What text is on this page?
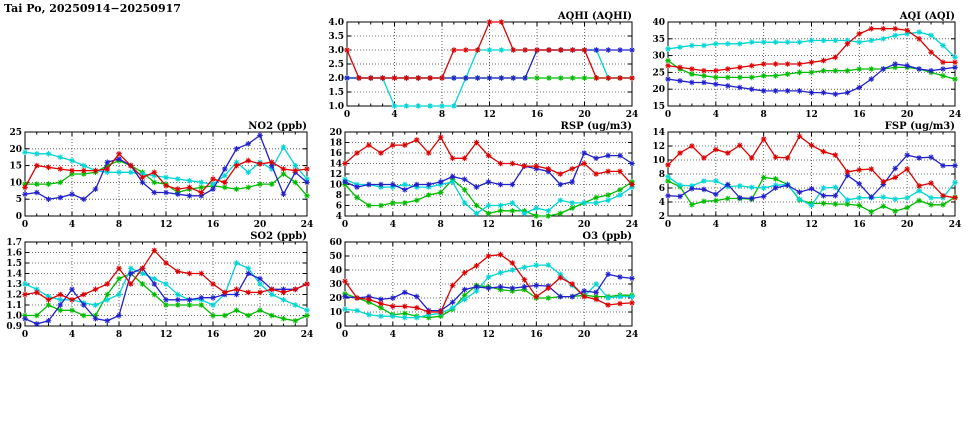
Tai Po, 20250914−20250917
AQHI (AQHI)
1.0
1.5
2.0
2.5
3.0
3.5
4.0
0	4	8	12	16	20	24
AQI (AQI)
15
20
25
30
35
40
0	4	8	12	16	20	24
NO2 (ppb)
0
5
10
15
20
25
0	4	8	12	16	20	24
RSP (ug/m3)
4
6
8
10
12
14
16
18
20
0	4	8	12	16	20	24
FSP (ug/m3)
2
4
6
8
10
12
14
0	4	8	12	16	20	24
SO2 (ppb)
0.9
1.0
1.1
1.2
1.3
1.4
1.5
1.6
1.7
0	4	8	12	16	20	24
O3 (ppb)
0
10
20
30
40
50
60
0	4	8	12	16	20	24
